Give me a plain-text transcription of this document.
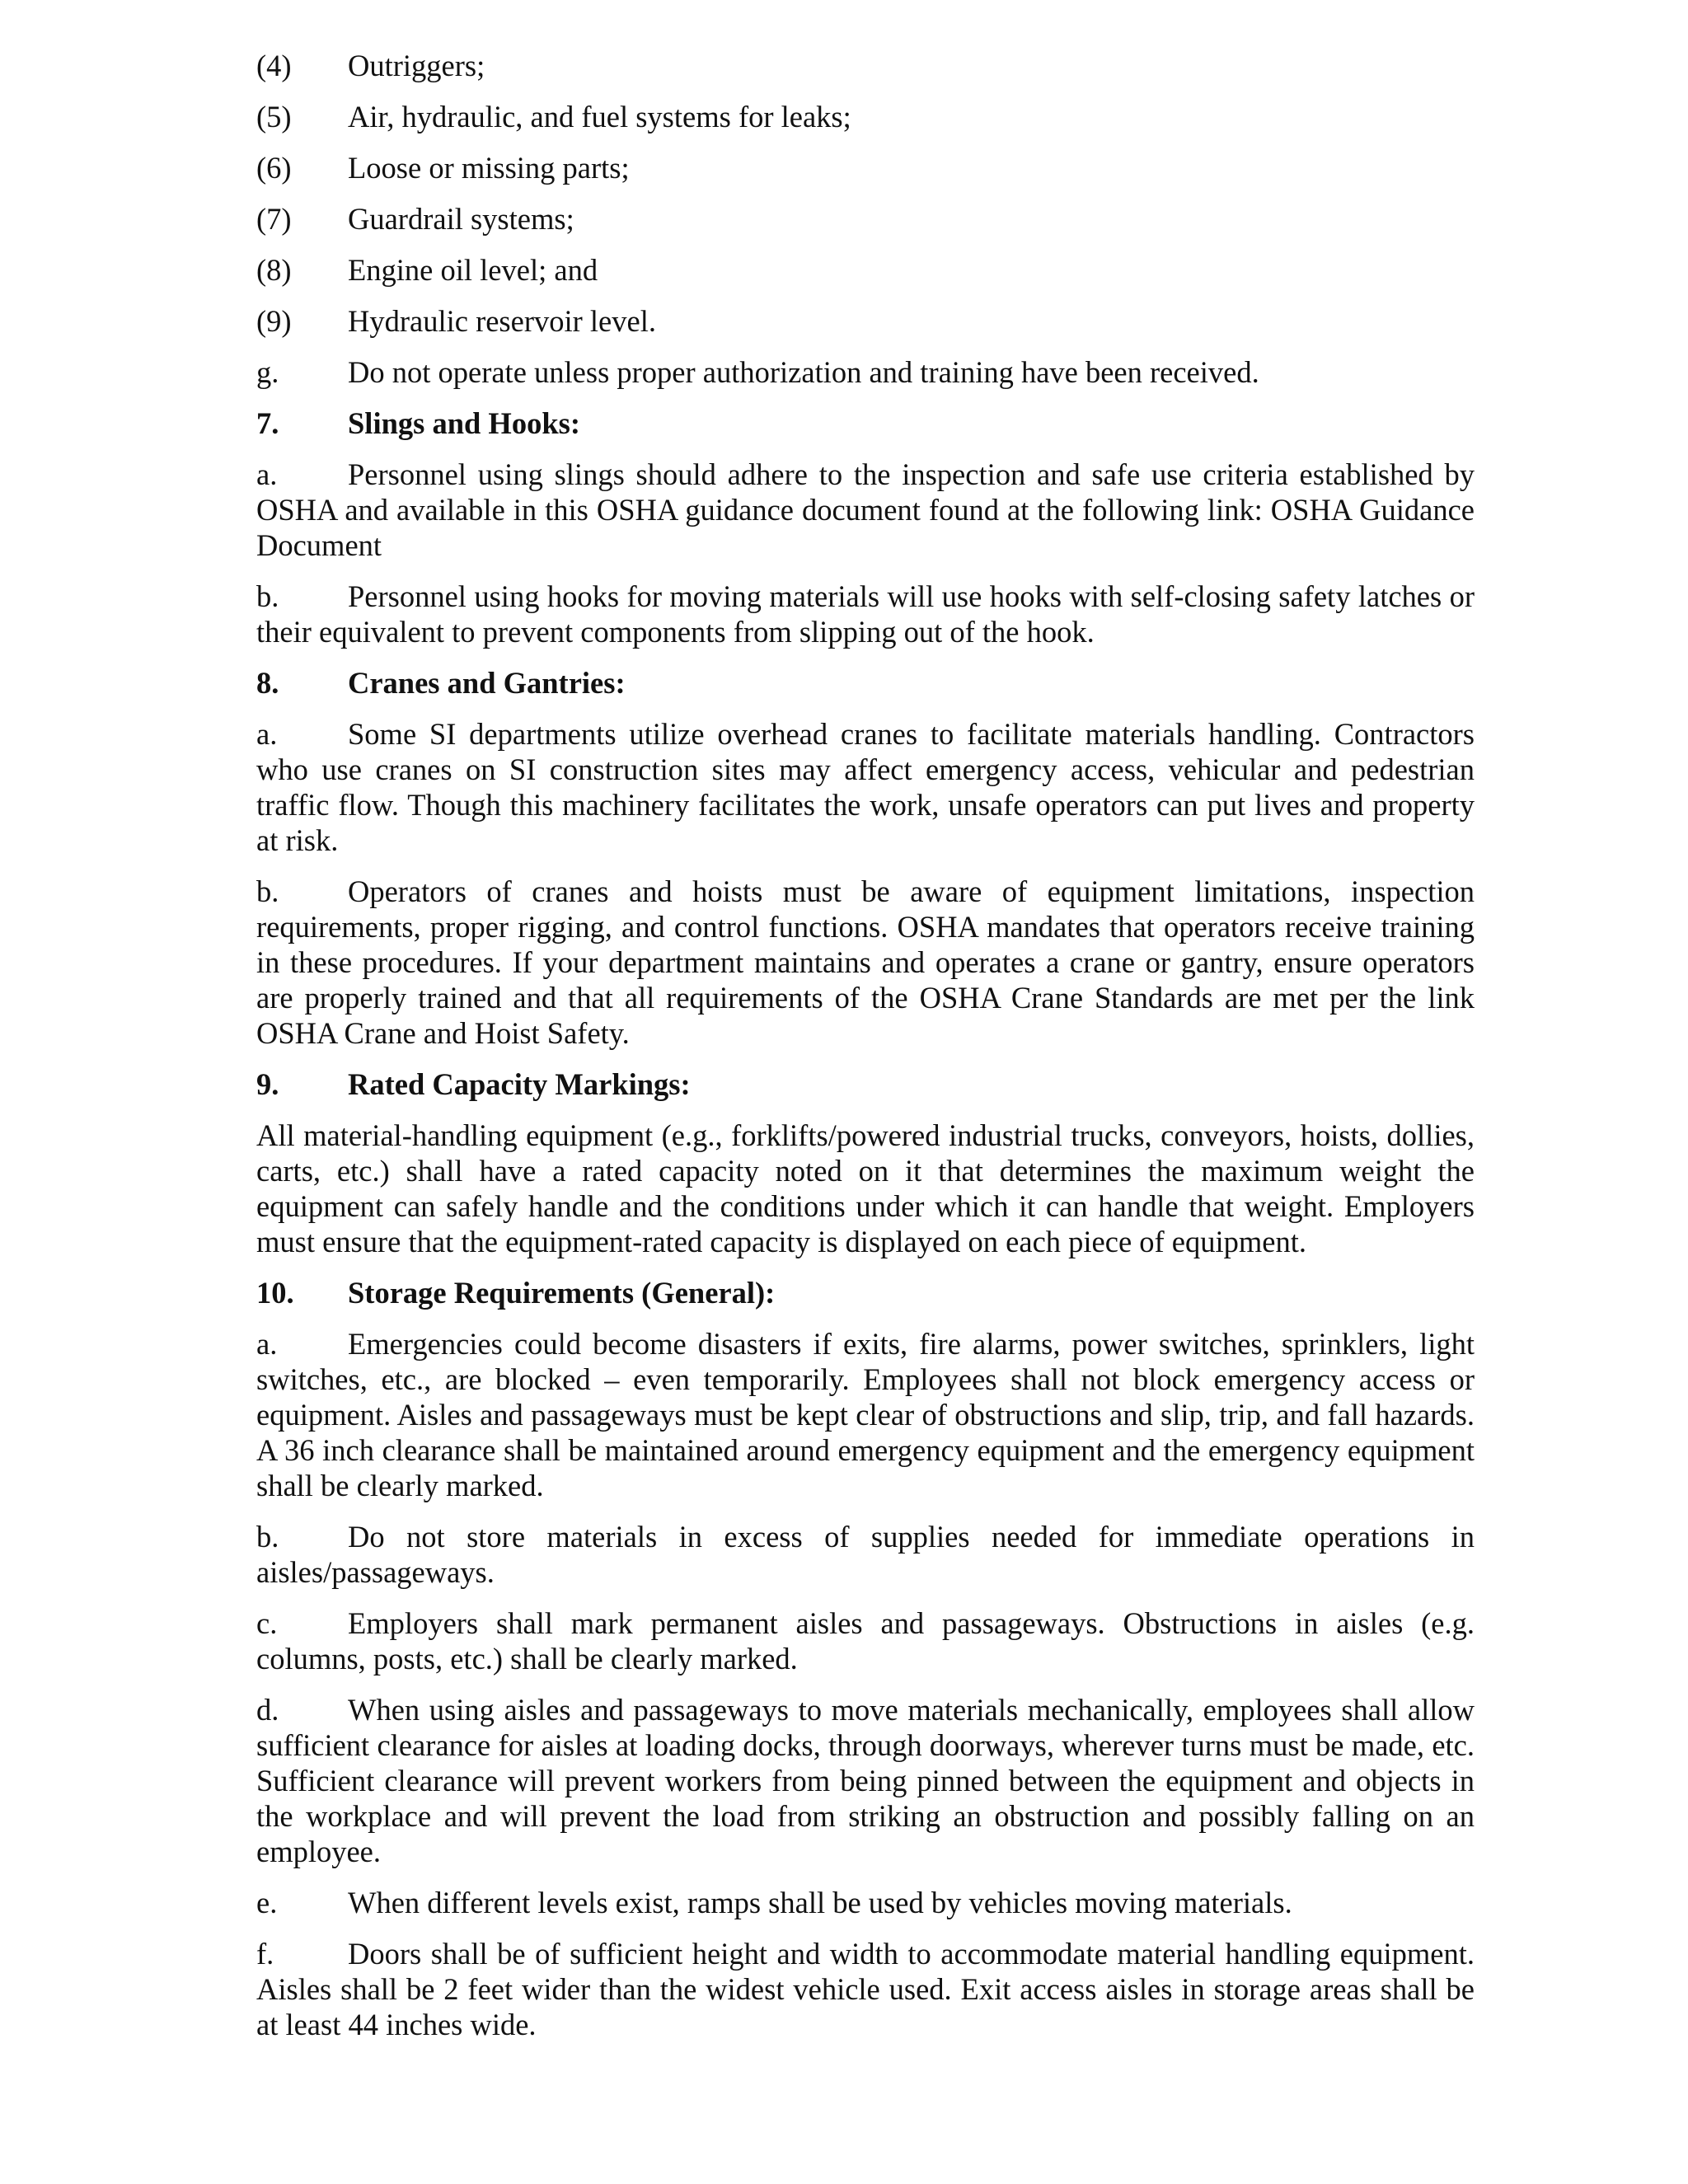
(4)	Outriggers;
(5)	Air, hydraulic, and fuel systems for leaks;
(6)	Loose or missing parts;
(7)	Guardrail systems;
(8)	Engine oil level; and
(9)	Hydraulic reservoir level.
g.	Do not operate unless proper authorization and training have been received.
7.	Slings and Hooks:

a. Personnel using slings should adhere to the inspection and safe use criteria established by OSHA and available in this OSHA guidance document found at the following link: OSHA Guidance Document

b. Personnel using hooks for moving materials will use hooks with self-closing safety latches or their equivalent to prevent components from slipping out of the hook.

8.	Cranes and Gantries:

a. Some SI departments utilize overhead cranes to facilitate materials handling. Contractors who use cranes on SI construction sites may affect emergency access, vehicular and pedestrian traffic flow. Though this machinery facilitates the work, unsafe operators can put lives and property at risk.

b. Operators of cranes and hoists must be aware of equipment limitations, inspection requirements, proper rigging, and control functions. OSHA mandates that operators receive training in these procedures. If your department maintains and operates a crane or gantry, ensure operators are properly trained and that all requirements of the OSHA Crane Standards are met per the link OSHA Crane and Hoist Safety.

9.	Rated Capacity Markings:

All material-handling equipment (e.g., forklifts/powered industrial trucks, conveyors, hoists, dollies, carts, etc.) shall have a rated capacity noted on it that determines the maximum weight the equipment can safely handle and the conditions under which it can handle that weight. Employers must ensure that the equipment-rated capacity is displayed on each piece of equipment.

10.	Storage Requirements (General):

a. Emergencies could become disasters if exits, fire alarms, power switches, sprinklers, light switches, etc., are blocked – even temporarily. Employees shall not block emergency access or equipment. Aisles and passageways must be kept clear of obstructions and slip, trip, and fall hazards. A 36 inch clearance shall be maintained around emergency equipment and the emergency equipment shall be clearly marked.

b. Do not store materials in excess of supplies needed for immediate operations in aisles/passageways.

c. Employers shall mark permanent aisles and passageways. Obstructions in aisles (e.g. columns, posts, etc.) shall be clearly marked.

d. When using aisles and passageways to move materials mechanically, employees shall allow sufficient clearance for aisles at loading docks, through doorways, wherever turns must be made, etc. Sufficient clearance will prevent workers from being pinned between the equipment and objects in the workplace and will prevent the load from striking an obstruction and possibly falling on an employee.

e. When different levels exist, ramps shall be used by vehicles moving materials.

f. Doors shall be of sufficient height and width to accommodate material handling equipment. Aisles shall be 2 feet wider than the widest vehicle used. Exit access aisles in storage areas shall be at least 44 inches wide.
